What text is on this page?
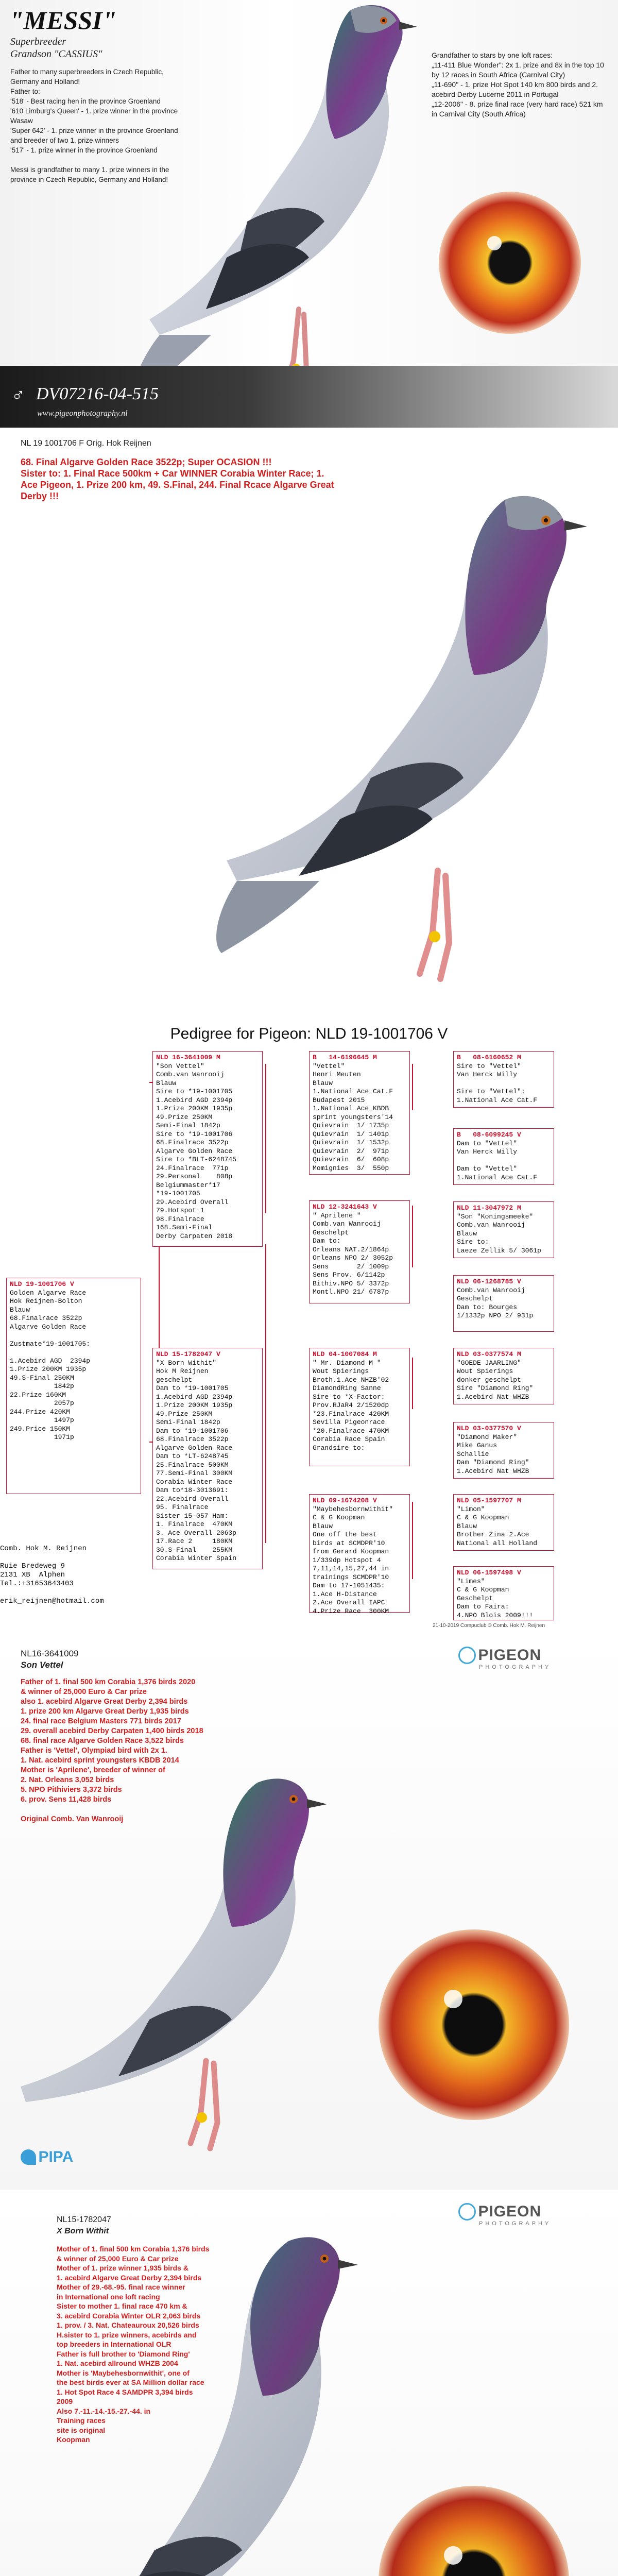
"MESSI"
Superbreeder
Grandson "CASSIUS"

Father to many superbreeders in Czech Republic, Germany and Holland!

Father to:

'518' - Best racing hen in the province Groenland

'610 Limburg's Queen' - 1. prize winner in the province Wasaw

'Super 642' - 1. prize winner in the province Groenland and breeder of two 1. prize winners

'517' - 1. prize winner in the province Groenland

Messi is grandfather to many 1. prize winners in the province in Czech Republic, Germany and Holland!

Grandfather to stars by one loft races:

„11-411 Blue Wonder": 2x 1. prize and 8x in the top 10 by 12 races in South Africa (Carnival City)

„11-690" - 1. prize Hot Spot 140 km 800 birds and 2. acebird Derby Lucerne 2011 in Portugal

„12-2006" - 8. prize final race (very hard race) 521 km in Carnival City (South Africa)

♂ DV07216-04-515
www.pigeonphotography.nl
NL 19 1001706 F Orig. Hok Reijnen
68. Final Algarve Golden Race 3522p; Super OCASION !!!
Sister to: 1. Final Race 500km + Car WINNER Corabia Winter Race; 1. Ace Pigeon, 1. Prize 200 km, 49. S.Final, 244. Final Rcace Algarve Great Derby !!!
Pedigree for Pigeon: NLD 19-1001706 V
NLD 19-1001706 V
Golden Algarve Race
Hok Reijnen-Bolton
Blauw
68.Finalrace 3522p
Algarve Golden Race

Zustmate*19-1001705:

1.Acebird AGD  2394p
1.Prize 200KM 1935p
49.S-Final 250KM
1842p
22.Prize 160KM
2057p
244.Prize 420KM
1497p
249.Price 150KM
1971p
NLD 16-3641009 M
"Son Vettel"
Comb.van Wanrooij
Blauw
Sire to *19-1001705
1.Acebird AGD 2394p
1.Prize 200KM 1935p
49.Prize 250KM
Semi-Final 1842p
Sire to *19-1001706
68.Finalrace 3522p
Algarve Golden Race
Sire to *BLT-6248745
24.Finalrace  771p
29.Personal    808p
Belgiummaster*17
*19-1001705
29.Acebird Overall
79.Hotspot 1
98.Finalrace
168.Semi-Final
Derby Carpaten 2018
NLD 15-1782047 V
"X Born Withit"
Hok M Reijnen
geschelpt
Dam to *19-1001705
1.Acebird AGD 2394p
1.Prize 200KM 1935p
49.Prize 250KM
Semi-Final 1842p
Dam to *19-1001706
68.Finalrace 3522p
Algarve Golden Race
Dam to *LT-6248745
25.Finalrace 500KM
77.Semi-Final 300KM
Corabia Winter Race
Dam to*18-3013691:
22.Acebird Overall
95. Finalrace
Sister 15-057 Ham:
1. Finalrace  470KM
3. Ace Overall 2063p
17.Race 2     180KM
30.S-Final    255KM
Corabia Winter Spain
B   14-6196645 M
"Vettel"
Henri Meuten
Blauw
1.National Ace Cat.F
Budapest 2015
1.National Ace KBDB
sprint youngsters'14
Quievrain  1/ 1735p
Quievrain  1/ 1401p
Quievrain  1/ 1532p
Quievrain  2/  971p
Quievrain  6/  608p
Momignies  3/  550p
NLD 12-3241643 V
" Aprilene "
Comb.van Wanrooij
Geschelpt
Dam to:
Orleans NAT.2/1864p
Orleans NPO 2/ 3052p
Sens       2/ 1009p
Sens Prov. 6/1142p
Bithiv.NPO 5/ 3372p
Montl.NPO 21/ 6787p
NLD 04-1007084 M
" Mr. Diamond M "
Wout Spierings
Broth.1.Ace NHZB'02
DiamondRing Sanne
Sire to *X-Factor:
Prov.RJaR4 2/1520dp
*23.Finalrace 420KM
Sevilla Pigeonrace
*20.Finalrace 470KM
Corabia Race Spain
Grandsire to:
NLD 09-1674208 V
"Maybehesbornwithit"
C & G Koopman
Blauw
One off the best
birds at SCMDPR'10
from Gerard Koopman
1/339dp Hotspot 4
7,11,14,15,27,44 in
trainings SCMDPR'10
Dam to 17-1051435:
1.Ace H-Distance
2.Ace Overall IAPC
4.Prize Race  300KM
B   08-6160652 M
Sire to "Vettel"
Van Herck Willy

Sire to "Vettel":
1.National Ace Cat.F
B   08-6099245 V
Dam to "Vettel"
Van Herck Willy

Dam to "Vettel"
1.National Ace Cat.F
NLD 11-3047972 M
"Son "Koningsmeeke"
Comb.van Wanrooij
Blauw
Sire to:
Laeze Zellik 5/ 3061p
NLD 06-1268785 V
Comb.van Wanrooij
Geschelpt
Dam to: Bourges
1/1332p NPO 2/ 931p
NLD 03-0377574 M
"GOEDE JAARLING"
Wout Spierings
donker geschelpt
Sire "Diamond Ring"
1.Acebird Nat WHZB
NLD 03-0377570 V
"Diamond Maker"
Mike Ganus
Schallie
Dam "Diamond Ring"
1.Acebird Nat WHZB
NLD 05-1597707 M
"Limon"
C & G Koopman
Blauw
Brother Zina 2.Ace
National all Holland
NLD 06-1597498 V
"Limes"
C & G Koopman
Geschelpt
Dam to Faira:
4.NPO Blois 2009!!!
Comb. Hok M. Reijnen

Ruie Bredeweg 9
2131 XB  Alphen
Tel.:+31653643403

erik_reijnen@hotmail.com
21-10-2019 Compuclub © Comb. Hok M. Reijnen
NL16-3641009
Son Vettel

Father of 1. final 500 km Corabia 1,376 birds 2020

& winner of 25,000 Euro & Car prize

also 1. acebird Algarve Great Derby 2,394 birds

1. prize 200 km Algarve Great Derby 1,935 birds

24. final race Belgium Masters 771 birds 2017

29. overall acebird Derby Carpaten 1,400 birds 2018

68. final race Algarve Golden Race 3,522 birds

Father is 'Vettel', Olympiad bird with 2x 1.

1. Nat. acebird sprint youngsters KBDB 2014

Mother is 'Aprilene', breeder of winner of

2. Nat. Orleans 3,052 birds

5. NPO Pithiviers 3,372 birds

6. prov. Sens 11,428 birds

Original Comb. Van Wanrooij

PIGEON
PHOTOGRAPHY
PIPA
NL15-1782047
X Born Withit

Mother of 1. final 500 km Corabia 1,376 birds

& winner of 25,000 Euro & Car prize

Mother of 1. prize winner 1,935 birds &

1. acebird Algarve Great Derby 2,394 birds

Mother of 29.-68.-95. final race winner

in International one loft racing

Sister to mother 1. final race 470 km &

3. acebird Corabia Winter OLR 2,063 birds

1. prov. / 3. Nat. Chateauroux 20,526 birds

H.sister to 1. prize winners, acebirds and

top breeders in International OLR

Father is full brother to 'Diamond Ring'

1. Nat. acebird allround WHZB 2004

Mother is 'Maybehesbornwithit', one of

the best birds ever at SA Million dollar race

1. Hot Spot Race 4 SAMDPR 3,394 birds

2009

Also 7.-11.-14.-15.-27.-44. in

Training races

site is original

Koopman

PIGEON
PHOTOGRAPHY
